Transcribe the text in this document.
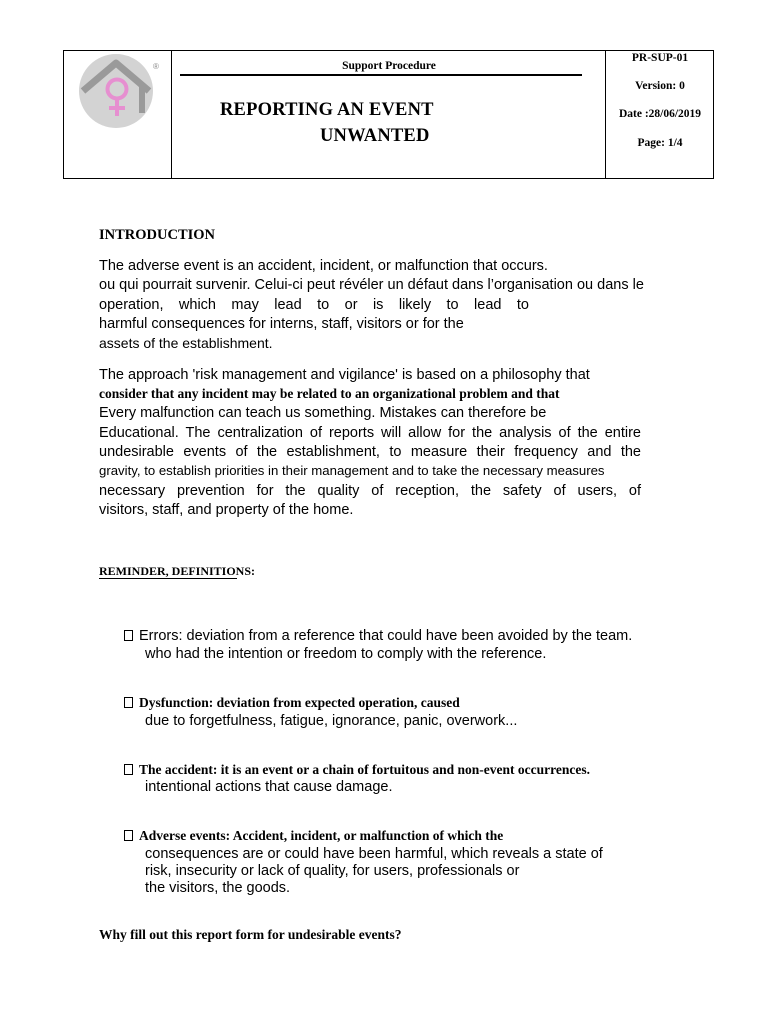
®	Support Procedure
REPORTING AN EVENT
UNWANTED
PR-SUP-01
Version: 0
Date :28/06/2019
Page: 1/4
INTRODUCTION
The adverse event is an accident, incident, or malfunction that occurs.
ou qui pourrait survenir. Celui-ci peut révéler un défaut dans l’organisation ou dans le
operation, which may lead to or is likely to lead to
harmful consequences for interns, staff, visitors or for the
assets of the establishment.
The approach 'risk management and vigilance' is based on a philosophy that
consider that any incident may be related to an organizational problem and that
Every malfunction can teach us something. Mistakes can therefore be
Educational. The centralization of reports will allow for the analysis of the entire
undesirable events of the establishment, to measure their frequency and the
gravity, to establish priorities in their management and to take the necessary measures
necessary prevention for the quality of reception, the safety of users, of
visitors, staff, and property of the home.
REMINDER, DEFINITIONS:
Errors: deviation from a reference that could have been avoided by the team.
who had the intention or freedom to comply with the reference.
Dysfunction: deviation from expected operation, caused
due to forgetfulness, fatigue, ignorance, panic, overwork...
The accident: it is an event or a chain of fortuitous and non-event occurrences.
intentional actions that cause damage.
Adverse events: Accident, incident, or malfunction of which the
consequences are or could have been harmful, which reveals a state of
risk, insecurity or lack of quality, for users, professionals or
the visitors, the goods.
Why fill out this report form for undesirable events?
